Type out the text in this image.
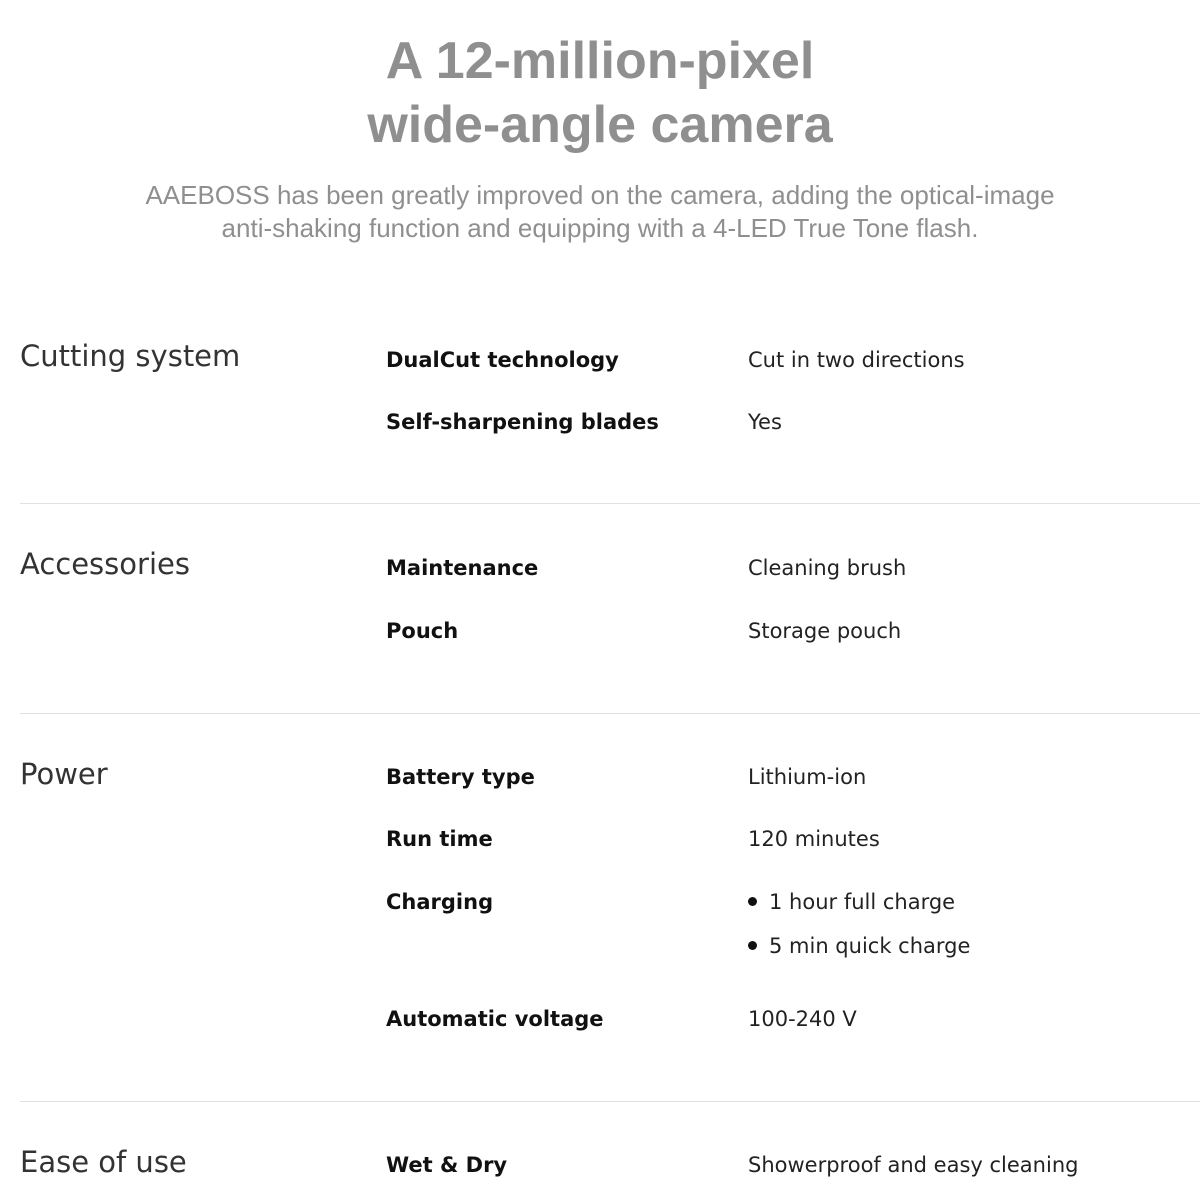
A 12-million-pixel
wide-angle camera

AAEBOSS has been greatly improved on the camera, adding the optical-image

anti-shaking function and equipping with a 4-LED True Tone flash.

Cutting system	DualCut technology	Cut in two directions
Self-sharpening blades	Yes
Accessories	Maintenance	Cleaning brush
Pouch	Storage pouch
Power	Battery type	Lithium-ion
Run time	120 minutes
Charging	1 hour full charge
5 min quick charge
Automatic voltage	100-240 V
Ease of use	Wet & Dry	Showerproof and easy cleaning
